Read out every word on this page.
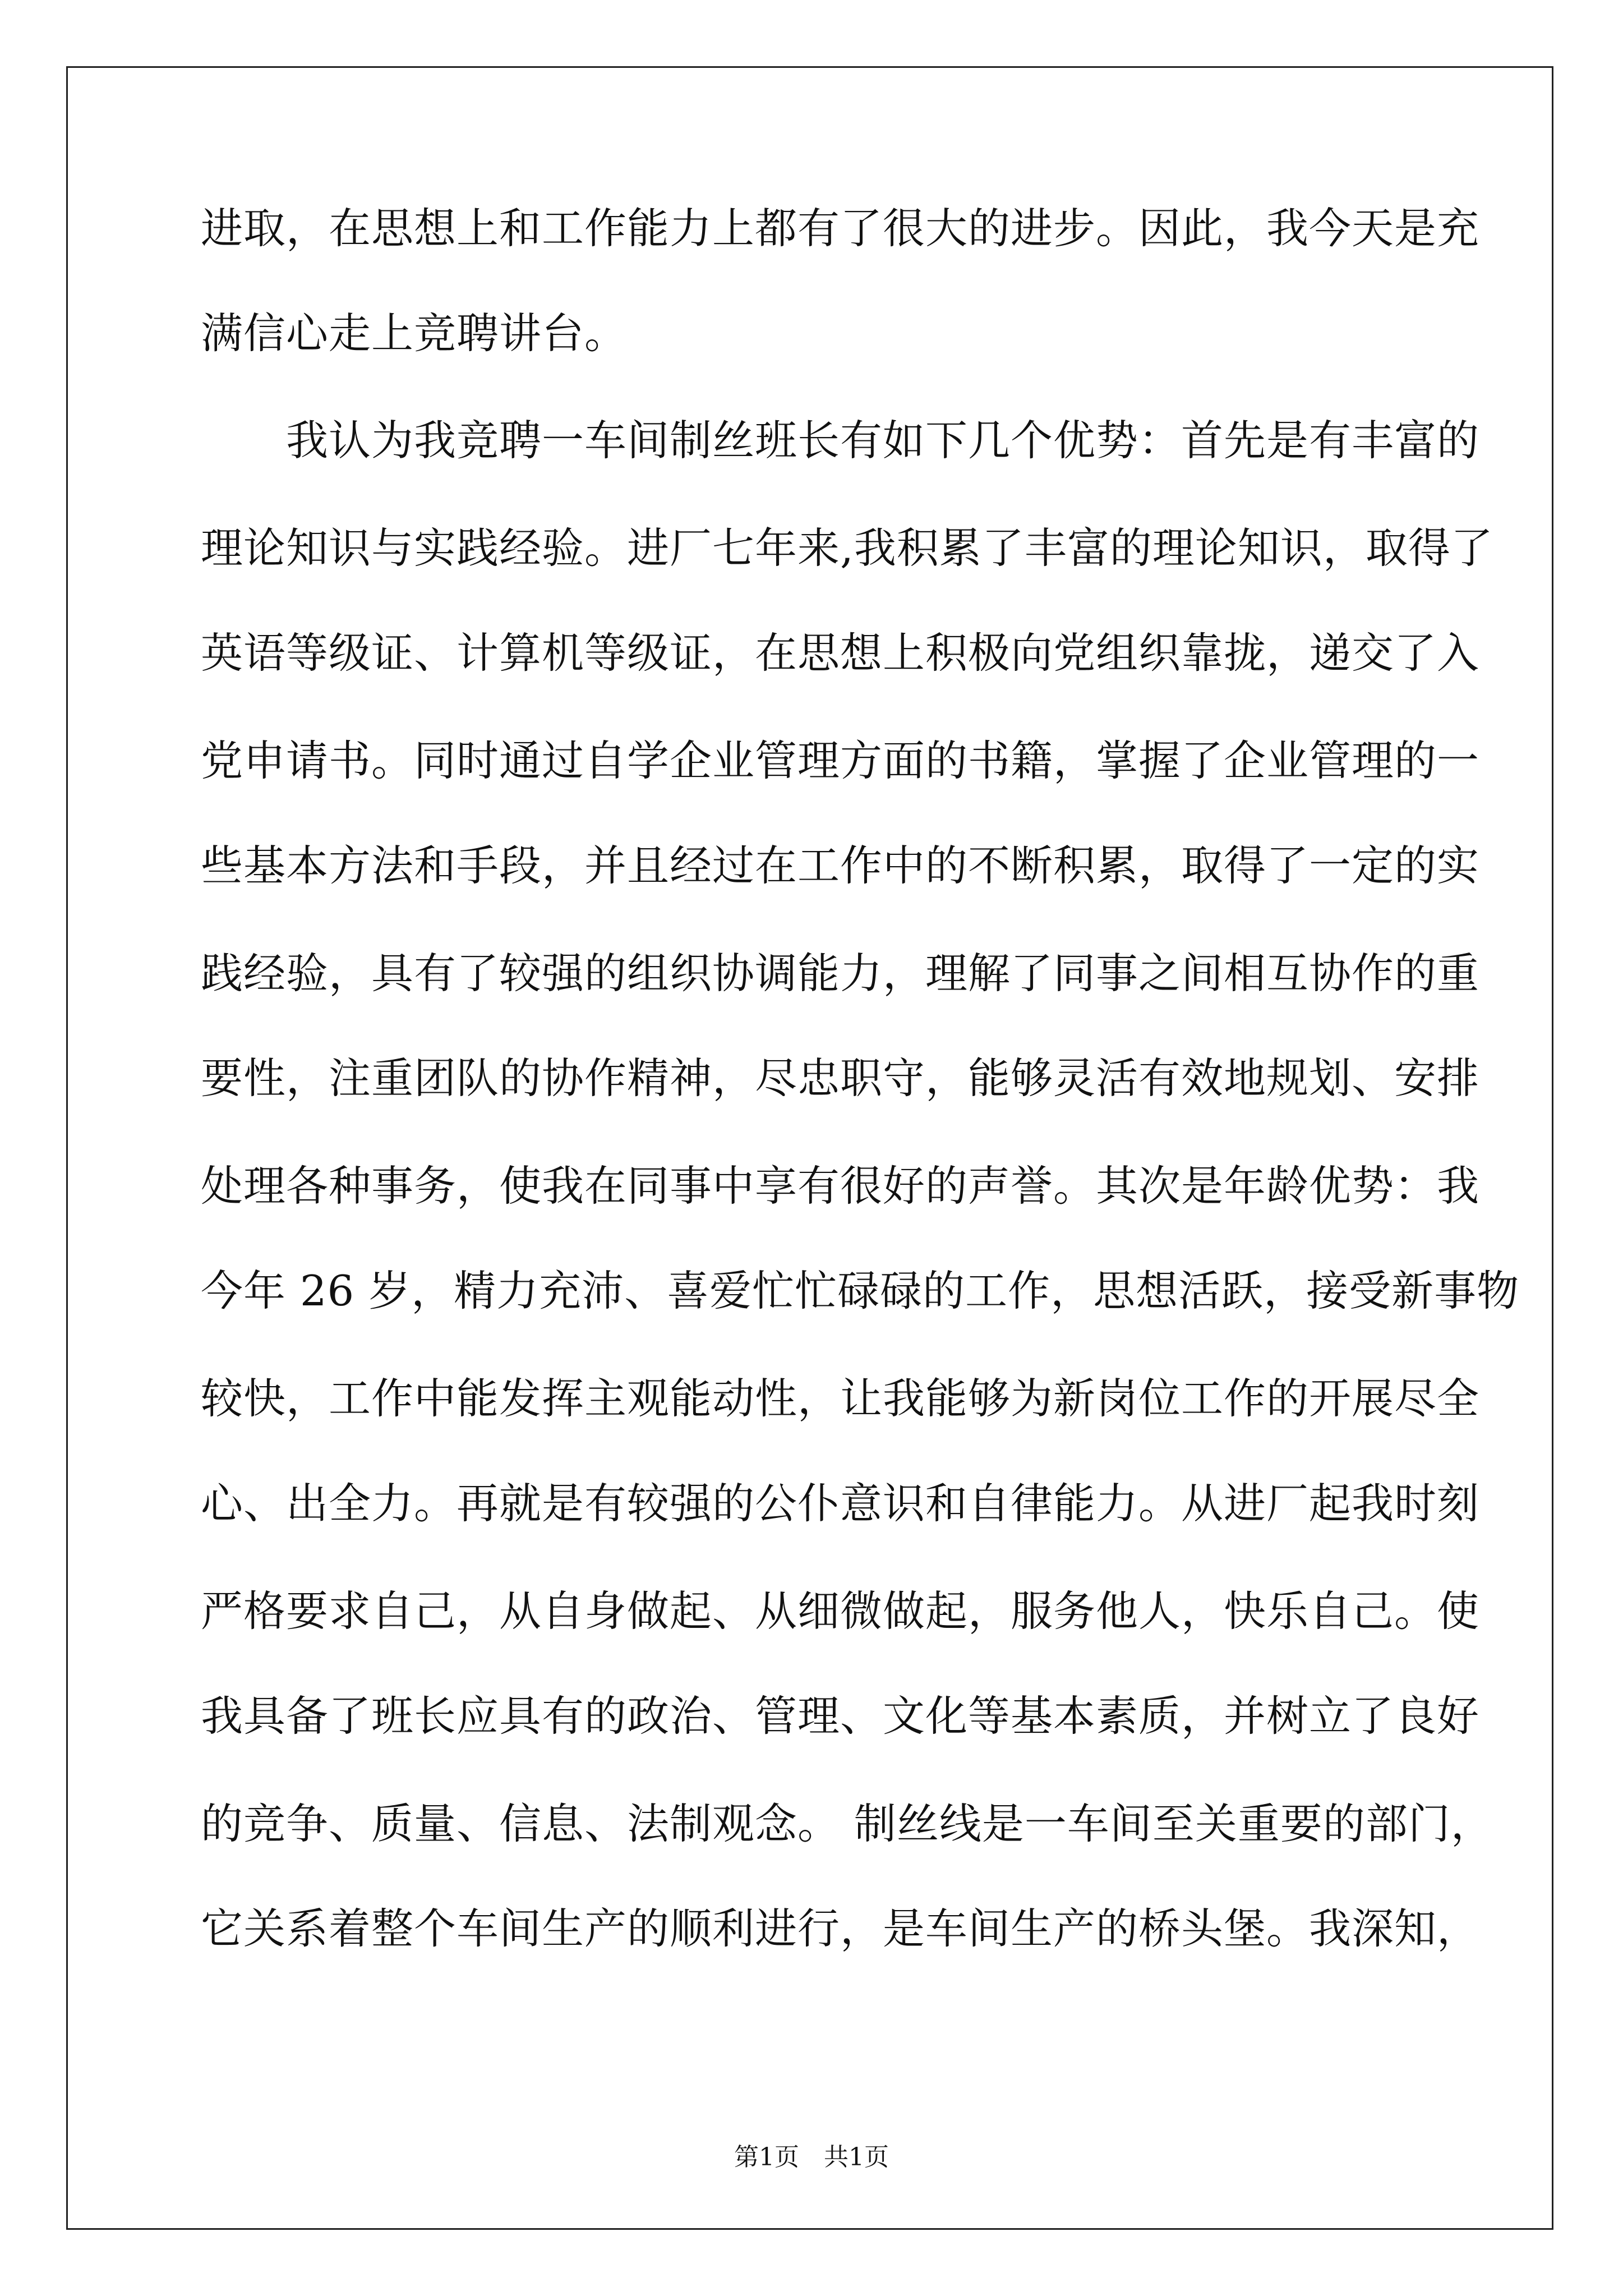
进取，在思想上和工作能力上都有了很大的进步。因此，我今天是充
满信心走上竞聘讲台。
　　我认为我竞聘一车间制丝班长有如下几个优势：首先是有丰富的
理论知识与实践经验。进厂七年来,我积累了丰富的理论知识，取得了
英语等级证、计算机等级证，在思想上积极向党组织靠拢，递交了入
党申请书。同时通过自学企业管理方面的书籍，掌握了企业管理的一
些基本方法和手段，并且经过在工作中的不断积累，取得了一定的实
践经验，具有了较强的组织协调能力，理解了同事之间相互协作的重
要性，注重团队的协作精神，尽忠职守，能够灵活有效地规划、安排
处理各种事务，使我在同事中享有很好的声誉。其次是年龄优势：我
今年 26 岁，精力充沛、喜爱忙忙碌碌的工作，思想活跃，接受新事物
较快，工作中能发挥主观能动性，让我能够为新岗位工作的开展尽全
心、出全力。再就是有较强的公仆意识和自律能力。从进厂起我时刻
严格要求自己，从自身做起、从细微做起，服务他人，快乐自己。使
我具备了班长应具有的政治、管理、文化等基本素质，并树立了良好
的竞争、质量、信息、法制观念。 制丝线是一车间至关重要的部门，
它关系着整个车间生产的顺利进行，是车间生产的桥头堡。我深知，
第1页　共1页
